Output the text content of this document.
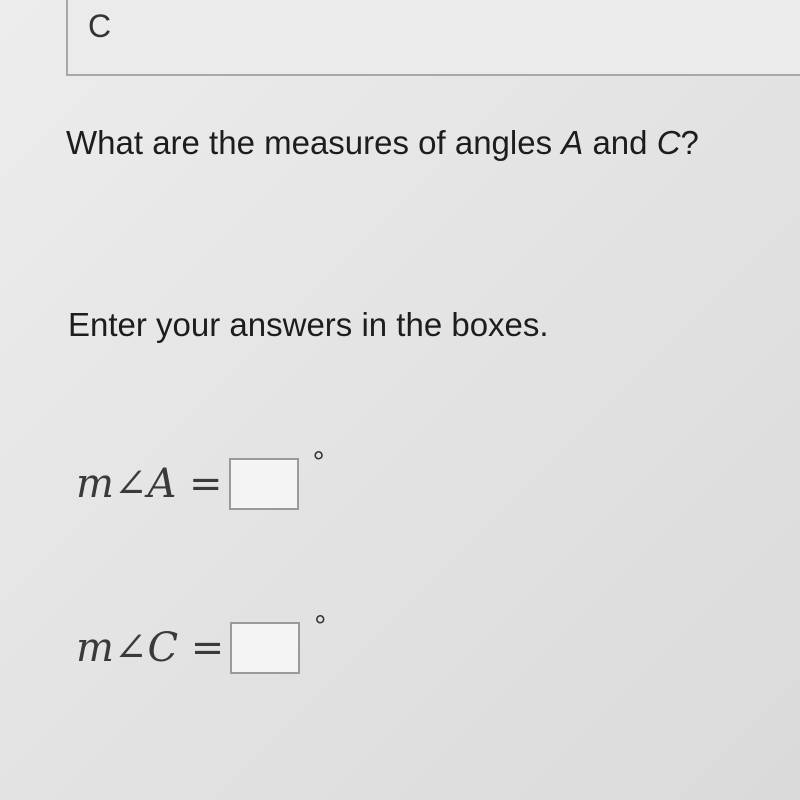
C
What are the measures of angles A and C?
Enter your answers in the boxes.
m∠A =	°
m∠C =	°
